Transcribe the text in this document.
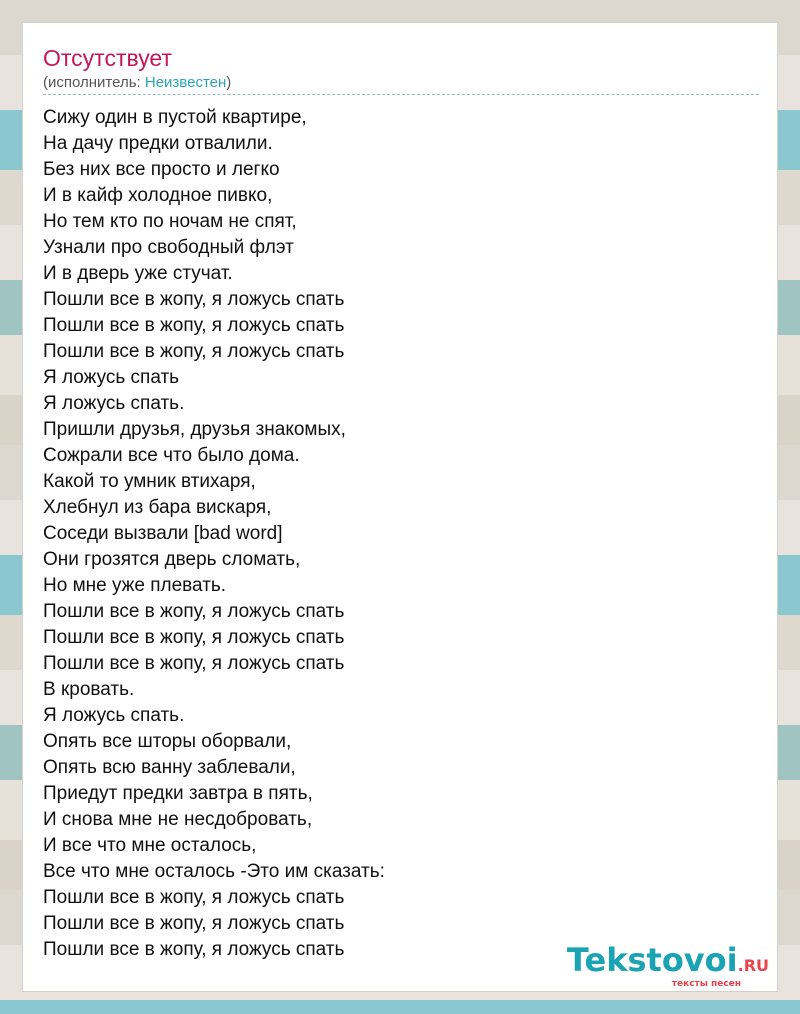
Отсутствует
(исполнитель: Неизвестен)
Сижу один в пустой квартире,
На дачу предки отвалили.
Без них все просто и легко
И в кайф холодное пивко,
Но тем кто по ночам не спят,
Узнали про свободный флэт
И в дверь уже стучат.
Пошли все в жопу, я ложусь спать
Пошли все в жопу, я ложусь спать
Пошли все в жопу, я ложусь спать
Я ложусь спать
Я ложусь спать.
Пришли друзья, друзья знакомых,
Сожрали все что было дома.
Какой то умник втихаря,
Хлебнул из бара вискаря,
Соседи вызвали [bad word]
Они грозятся дверь сломать,
Но мне уже плевать.
Пошли все в жопу, я ложусь спать
Пошли все в жопу, я ложусь спать
Пошли все в жопу, я ложусь спать
В кровать.
Я ложусь спать.
Опять все шторы оборвали,
Опять всю ванну заблевали,
Приедут предки завтра в пять,
И снова мне не несдобровать,
И все что мне осталось,
Все что мне осталось -Это им сказать:
Пошли все в жопу, я ложусь спать
Пошли все в жопу, я ложусь спать
Пошли все в жопу, я ложусь спать	Tekstovoi.RU
тексты песен
